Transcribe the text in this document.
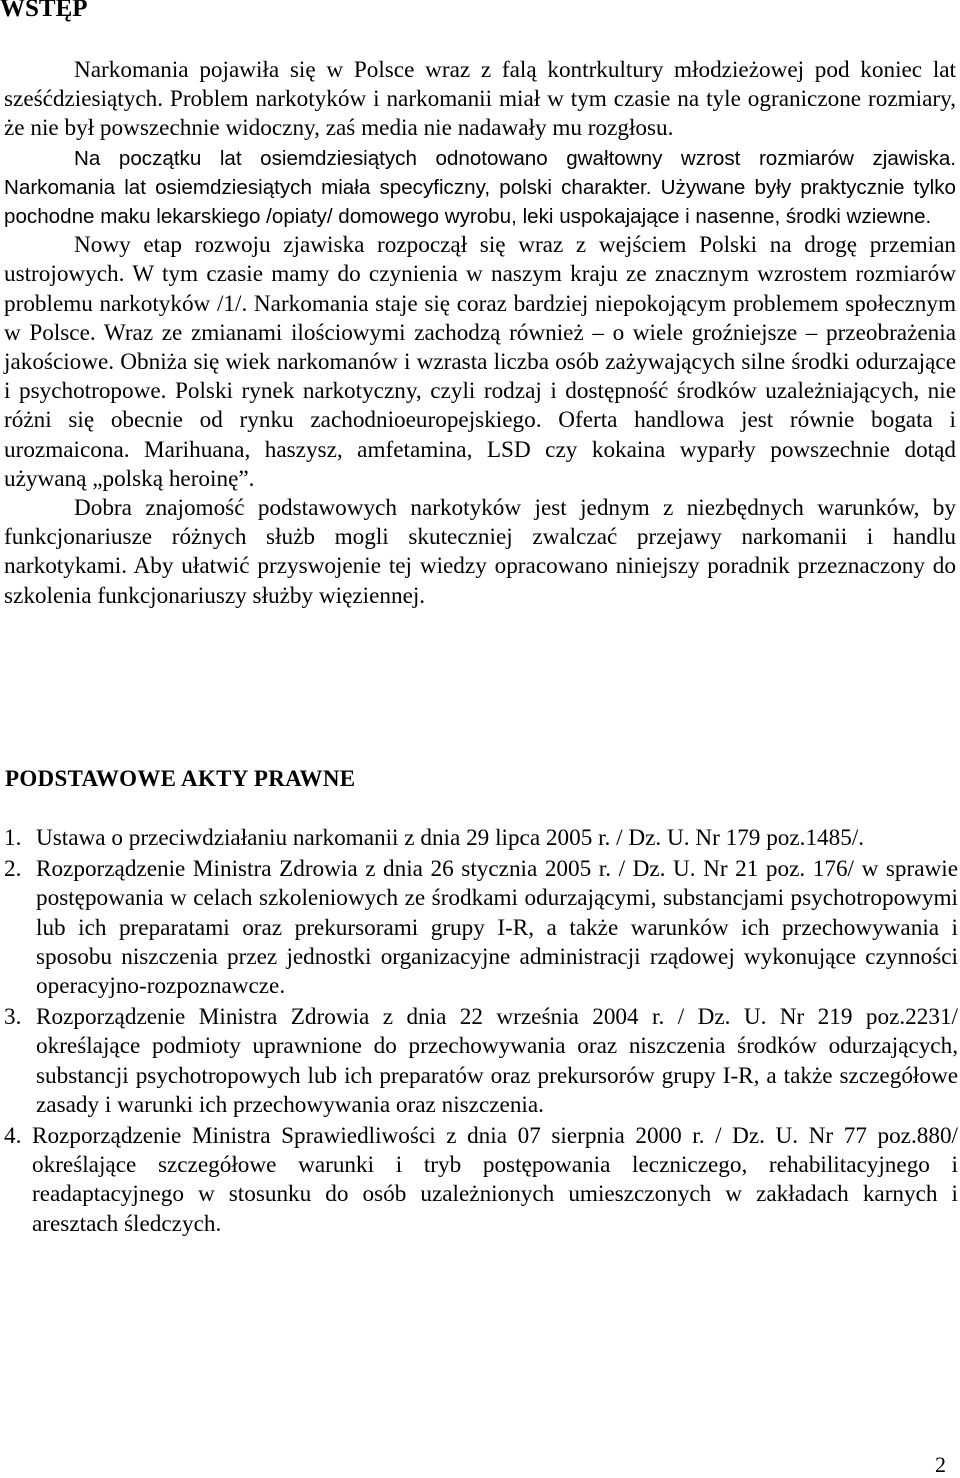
WSTĘP

Narkomania pojawiła się w Polsce wraz z falą kontrkultury młodzieżowej pod koniec lat sześćdziesiątych. Problem narkotyków i narkomanii miał w tym czasie na tyle ograniczone rozmiary, że nie był powszechnie widoczny, zaś media nie nadawały mu rozgłosu.

Na początku lat osiemdziesiątych odnotowano gwałtowny wzrost rozmiarów zjawiska. Narkomania lat osiemdziesiątych miała specyficzny, polski charakter. Używane były praktycznie tylko pochodne maku lekarskiego /opiaty/ domowego wyrobu, leki uspokajające i nasenne, środki wziewne.

Nowy etap rozwoju zjawiska rozpoczął się wraz z wejściem Polski na drogę przemian ustrojowych. W tym czasie mamy do czynienia w naszym kraju ze znacznym wzrostem rozmiarów problemu narkotyków /1/. Narkomania staje się coraz bardziej niepokojącym problemem społecznym w Polsce. Wraz ze zmianami ilościowymi zachodzą również – o wiele groźniejsze – przeobrażenia jakościowe. Obniża się wiek narkomanów i wzrasta liczba osób zażywających silne środki odurzające i psychotropowe. Polski rynek narkotyczny, czyli rodzaj i dostępność środków uzależniających, nie różni się obecnie od rynku zachodnioeuropejskiego. Oferta handlowa jest równie bogata i urozmaicona. Marihuana, haszysz, amfetamina, LSD czy kokaina wyparły powszechnie dotąd używaną „polską heroinę”.

Dobra znajomość podstawowych narkotyków jest jednym z niezbędnych warunków, by funkcjonariusze różnych służb mogli skuteczniej zwalczać przejawy narkomanii i handlu narkotykami. Aby ułatwić przyswojenie tej wiedzy opracowano niniejszy poradnik przeznaczony do szkolenia funkcjonariuszy służby więziennej.

PODSTAWOWE AKTY PRAWNE
1. Ustawa o przeciwdziałaniu narkomanii z dnia 29 lipca 2005 r. / Dz. U. Nr 179 poz.1485/.
2. Rozporządzenie Ministra Zdrowia z dnia 26 stycznia 2005 r. / Dz. U. Nr 21 poz. 176/ w sprawie postępowania w celach szkoleniowych ze środkami odurzającymi, substancjami psychotropowymi lub ich preparatami oraz prekursorami grupy I-R, a także warunków ich przechowywania i sposobu niszczenia przez jednostki organizacyjne administracji rządowej wykonujące czynności operacyjno-rozpoznawcze.
3. Rozporządzenie Ministra Zdrowia z dnia 22 września 2004 r. / Dz. U. Nr 219 poz.2231/ określające podmioty uprawnione do przechowywania oraz niszczenia środków odurzających, substancji psychotropowych lub ich preparatów oraz prekursorów grupy I-R, a także szczegółowe zasady i warunki ich przechowywania oraz niszczenia.
4. Rozporządzenie Ministra Sprawiedliwości z dnia 07 sierpnia 2000 r. / Dz. U. Nr 77 poz.880/ określające szczegółowe warunki i tryb postępowania leczniczego, rehabilitacyjnego i readaptacyjnego w stosunku do osób uzależnionych umieszczonych w zakładach karnych i aresztach śledczych.
2
